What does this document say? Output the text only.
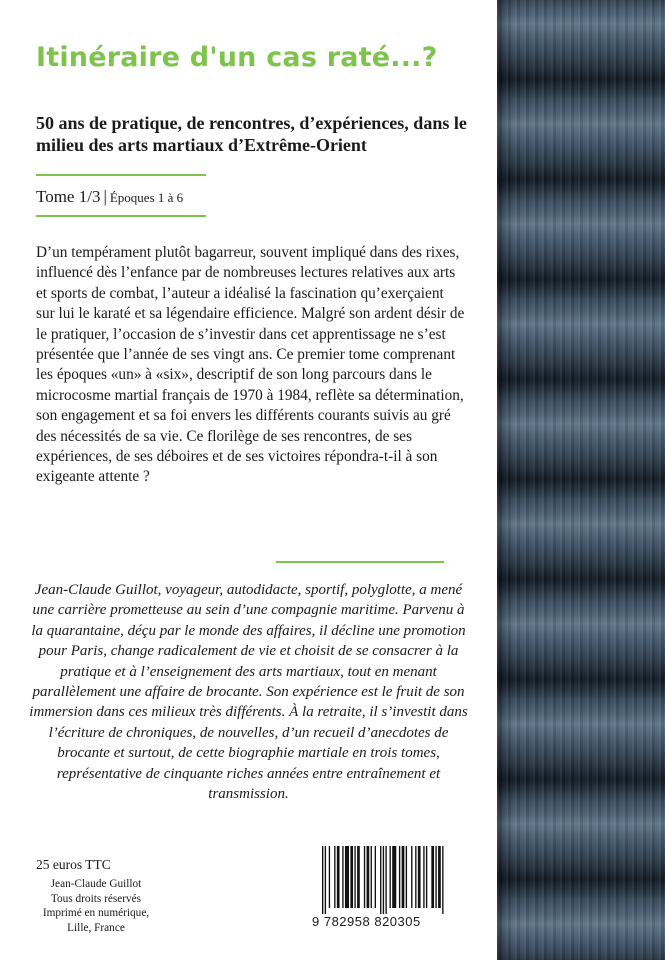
Itinéraire d'un cas raté...?

50 ans de pratique, de rencontres, d’expériences, dans le milieu des arts martiaux d’Extrême-Orient

Tome 1/3 | Époques 1 à 6

D’un tempérament plutôt bagarreur, souvent impliqué dans des rixes, influencé dès l’enfance par de nombreuses lectures relatives aux arts et sports de combat, l’auteur a idéalisé la fascination qu’exerçaient sur lui le karaté et sa légendaire efficience. Malgré son ardent désir de le pratiquer, l’occasion de s’investir dans cet apprentissage ne s’est présentée que l’année de ses vingt ans. Ce premier tome comprenant les époques «un» à «six», descriptif de son long parcours dans le microcosme martial français de 1970 à 1984, reflète sa détermination, son engagement et sa foi envers les différents courants suivis au gré des nécessités de sa vie. Ce florilège de ses rencontres, de ses expériences, de ses déboires et de ses victoires répondra-t-il à son exigeante attente ?

Jean-Claude Guillot, voyageur, autodidacte, sportif, polyglotte, a mené une carrière prometteuse au sein d’une compagnie maritime. Parvenu à la quarantaine, déçu par le monde des affaires, il décline une promotion pour Paris, change radicalement de vie et choisit de se consacrer à la pratique et à l’enseignement des arts martiaux, tout en menant parallèlement une affaire de brocante. Son expérience est le fruit de son immersion dans ces milieux très différents. À la retraite, il s’investit dans l’écriture de chroniques, de nouvelles, d’un recueil d’anecdotes de brocante et surtout, de cette biographie martiale en trois tomes, représentative de cinquante riches années entre entraînement et transmission.

25 euros TTC
Jean-Claude Guillot
Tous droits réservés
Imprimé en numérique,
Lille, France	9 782958 820305
